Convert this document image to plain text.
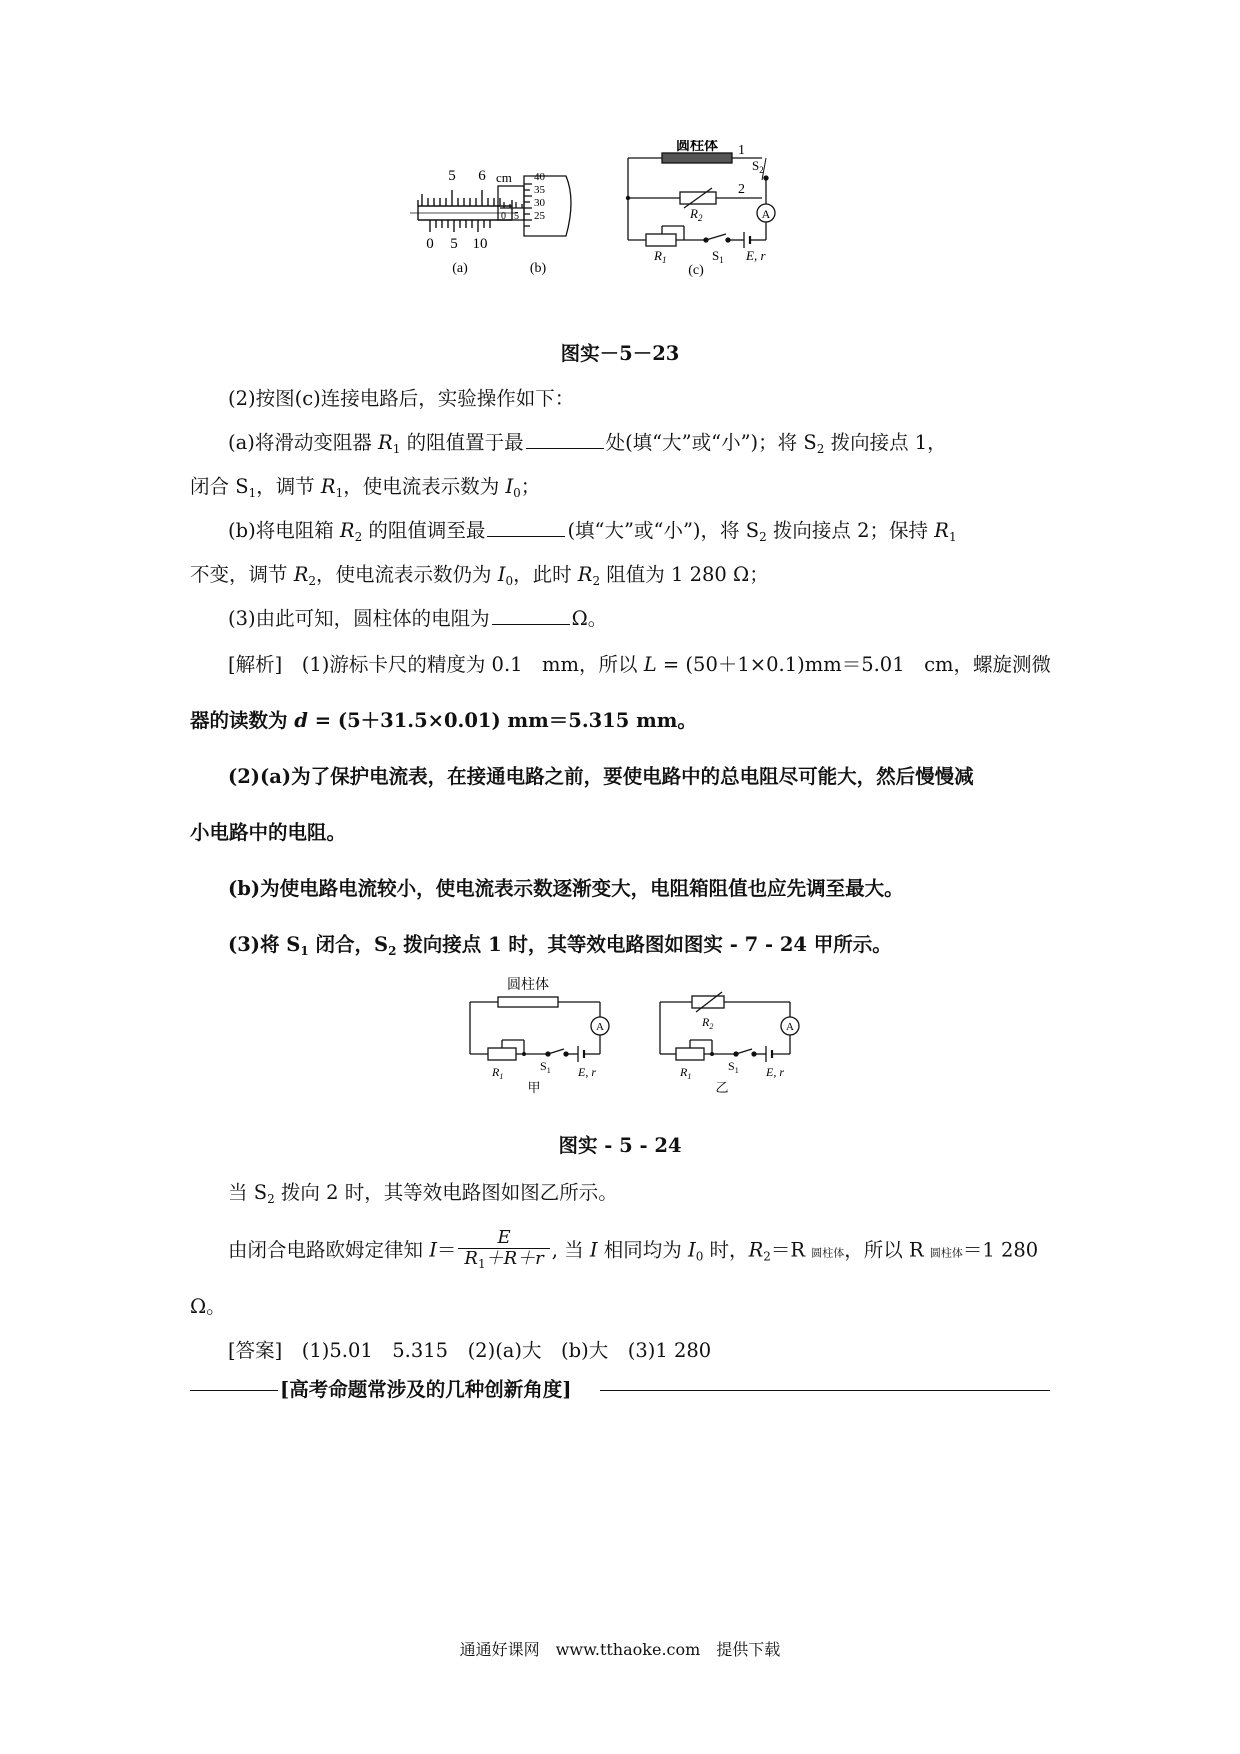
5 6 cm
0 5 10
(a)
40
35
30
25
0 5
(b)
圆柱体 1
2
$S_2$
$R_2$
$R_1$	$S_1$ E, r
A
(c)
图实－5－23
(2)按图(c)连接电路后，实验操作如下：
(a)将滑动变阻器 $R_1$ 的阻值置于最	处(填“大”或“小”)；将 $S_2$ 拨向接点 1，
闭合 $S_1$，调节 $R_1$，使电流表示数为 $I_0$；
(b)将电阻箱 $R_2$ 的阻值调至最	(填“大”或“小”)，将 $S_2$ 拨向接点 2；保持 $R_1$
不变，调节 $R_2$，使电流表示数仍为 $I_0$，此时 $R_2$ 阻值为 1 280 Ω；
(3)由此可知，圆柱体的电阻为	Ω。
[解析]　(1)游标卡尺的精度为 0.1　mm，所以 L = (50＋1×0.1)mm＝5.01　cm，螺旋测微
器的读数为 d = (5＋31.5×0.01) mm＝5.315 mm。
(2)(a)为了保护电流表，在接通电路之前，要使电路中的总电阻尽可能大，然后慢慢减
小电路中的电阻。
(b)为使电路电流较小，使电流表示数逐渐变大，电阻箱阻值也应先调至最大。
(3)将 $S_1$ 闭合，$S_2$ 拨向接点 1 时，其等效电路图如图实 - 7 - 24 甲所示。
圆柱体
A
$R_1$
$S_1$ E, r
甲
$R_2$	A
$R_1$
$S_1$ E, r
乙
图实 - 5 - 24
当 $S_2$ 拨向 2 时，其等效电路图如图乙所示。
由闭合电路欧姆定律知 $I= \frac{E}{R_1+R+r}$ , 当 I 相同均为 $I_0$ 时，$R_2=R$ 圆柱体，所以 R 圆柱体＝1 280
Ω。
[答案]　(1)5.01　5.315　(2)(a)大　(b)大　(3)1 280
[高考命题常涉及的几种创新角度]
通通好课网　www.tthaoke.com　提供下载
